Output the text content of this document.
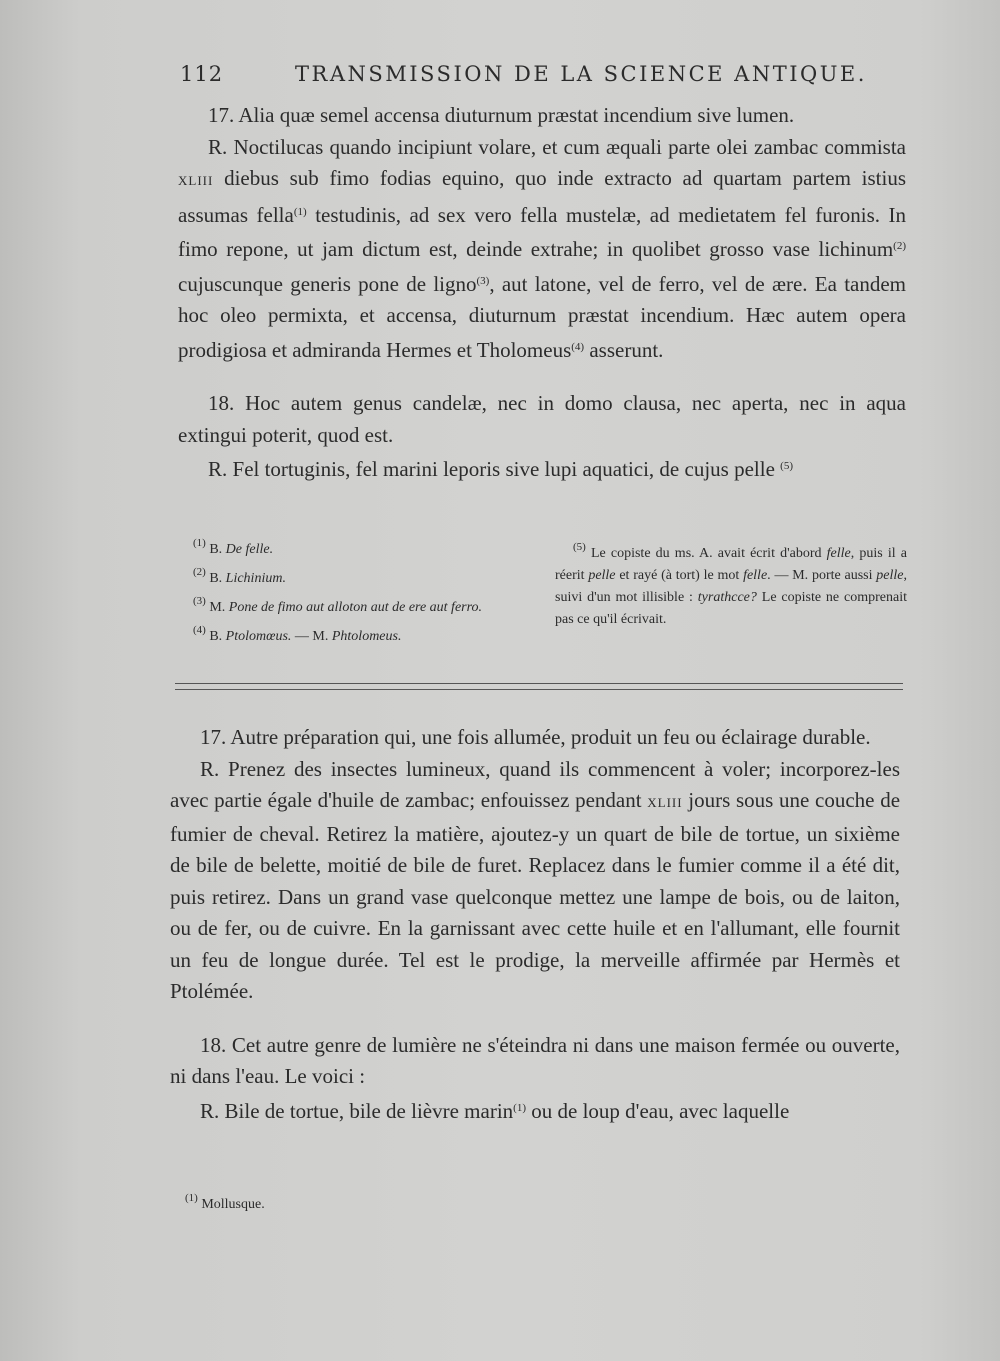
112	TRANSMISSION DE LA SCIENCE ANTIQUE.

17. Alia quæ semel accensa diuturnum præstat incendium sive lumen.

R. Noctilucas quando incipiunt volare, et cum æquali parte olei zambac commista XLIII diebus sub fimo fodias equino, quo inde extracto ad quartam partem istius assumas fella$^{(1)}$ testudinis, ad sex vero fella mustelæ, ad medietatem fel furonis. In fimo repone, ut jam dictum est, deinde extrahe; in quolibet grosso vase lichinum$^{(2)}$ cujuscunque generis pone de ligno$^{(3)}$, aut latone, vel de ferro, vel de ære. Ea tandem hoc oleo permixta, et accensa, diuturnum præstat incendium. Hæc autem opera prodigiosa et admiranda Hermes et Tholomeus$^{(4)}$ asserunt.

18. Hoc autem genus candelæ, nec in domo clausa, nec aperta, nec in aqua extingui poterit, quod est.

R. Fel tortuginis, fel marini leporis sive lupi aquatici, de cujus pelle $^{(5)}$

$^{(1)}$ B. De felle.

$^{(2)}$ B. Lichinium.

$^{(3)}$ M. Pone de fimo aut alloton aut de ere aut ferro.

$^{(4)}$ B. Ptolomœus. — M. Phtolomeus.

$^{(5)}$ Le copiste du ms. A. avait écrit d'abord felle, puis il a réerit pelle et rayé (à tort) le mot felle. — M. porte aussi pelle, suivi d'un mot illisible : tyrathcce? Le copiste ne comprenait pas ce qu'il écrivait.

17. Autre préparation qui, une fois allumée, produit un feu ou éclairage durable.

R. Prenez des insectes lumineux, quand ils commencent à voler; incorporez-les avec partie égale d'huile de zambac; enfouissez pendant XLIII jours sous une couche de fumier de cheval. Retirez la matière, ajoutez-y un quart de bile de tortue, un sixième de bile de belette, moitié de bile de furet. Replacez dans le fumier comme il a été dit, puis retirez. Dans un grand vase quelconque mettez une lampe de bois, ou de laiton, ou de fer, ou de cuivre. En la garnissant avec cette huile et en l'allumant, elle fournit un feu de longue durée. Tel est le prodige, la merveille affirmée par Hermès et Ptolémée.

18. Cet autre genre de lumière ne s'éteindra ni dans une maison fermée ou ouverte, ni dans l'eau. Le voici :

R. Bile de tortue, bile de lièvre marin$^{(1)}$ ou de loup d'eau, avec laquelle

$^{(1)}$ Mollusque.
